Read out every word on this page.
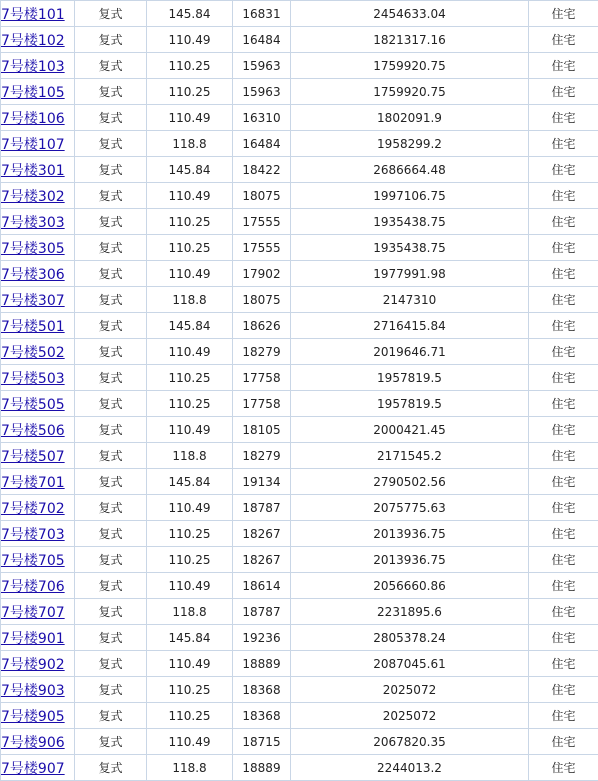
7号楼101	复式	145.84	16831	2454633.04	住宅
7号楼102	复式	110.49	16484	1821317.16	住宅
7号楼103	复式	110.25	15963	1759920.75	住宅
7号楼105	复式	110.25	15963	1759920.75	住宅
7号楼106	复式	110.49	16310	1802091.9	住宅
7号楼107	复式	118.8	16484	1958299.2	住宅
7号楼301	复式	145.84	18422	2686664.48	住宅
7号楼302	复式	110.49	18075	1997106.75	住宅
7号楼303	复式	110.25	17555	1935438.75	住宅
7号楼305	复式	110.25	17555	1935438.75	住宅
7号楼306	复式	110.49	17902	1977991.98	住宅
7号楼307	复式	118.8	18075	2147310	住宅
7号楼501	复式	145.84	18626	2716415.84	住宅
7号楼502	复式	110.49	18279	2019646.71	住宅
7号楼503	复式	110.25	17758	1957819.5	住宅
7号楼505	复式	110.25	17758	1957819.5	住宅
7号楼506	复式	110.49	18105	2000421.45	住宅
7号楼507	复式	118.8	18279	2171545.2	住宅
7号楼701	复式	145.84	19134	2790502.56	住宅
7号楼702	复式	110.49	18787	2075775.63	住宅
7号楼703	复式	110.25	18267	2013936.75	住宅
7号楼705	复式	110.25	18267	2013936.75	住宅
7号楼706	复式	110.49	18614	2056660.86	住宅
7号楼707	复式	118.8	18787	2231895.6	住宅
7号楼901	复式	145.84	19236	2805378.24	住宅
7号楼902	复式	110.49	18889	2087045.61	住宅
7号楼903	复式	110.25	18368	2025072	住宅
7号楼905	复式	110.25	18368	2025072	住宅
7号楼906	复式	110.49	18715	2067820.35	住宅
7号楼907	复式	118.8	18889	2244013.2	住宅
